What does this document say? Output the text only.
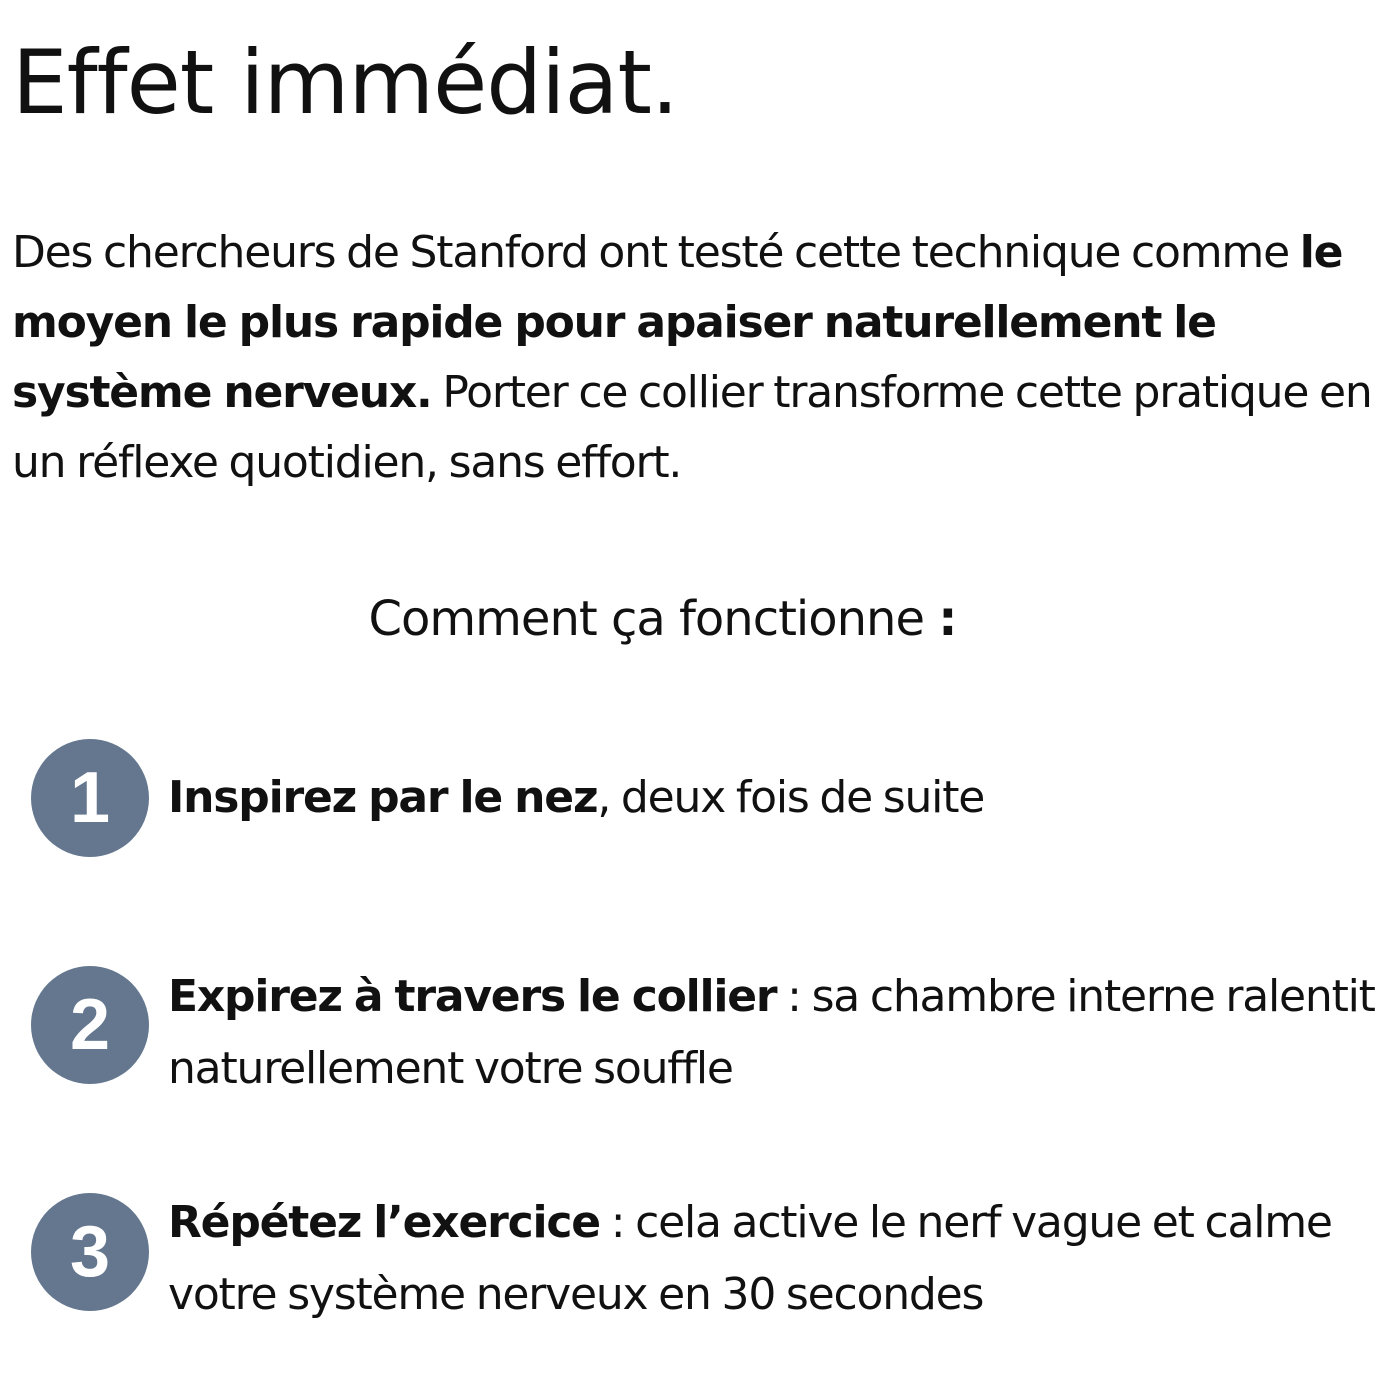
Effet immédiat.

Des chercheurs de Stanford ont testé cette technique comme le moyen le plus rapide pour apaiser naturellement le système nerveux. Porter ce collier transforme cette pratique en un réflexe quotidien, sans effort.

Comment ça fonctionne :
1	Inspirez par le nez, deux fois de suite

2	Expirez à travers le collier : sa chambre interne ralentit naturellement votre souffle

3	Répétez l’exercice : cela active le nerf vague et calme votre système nerveux en 30 secondes
